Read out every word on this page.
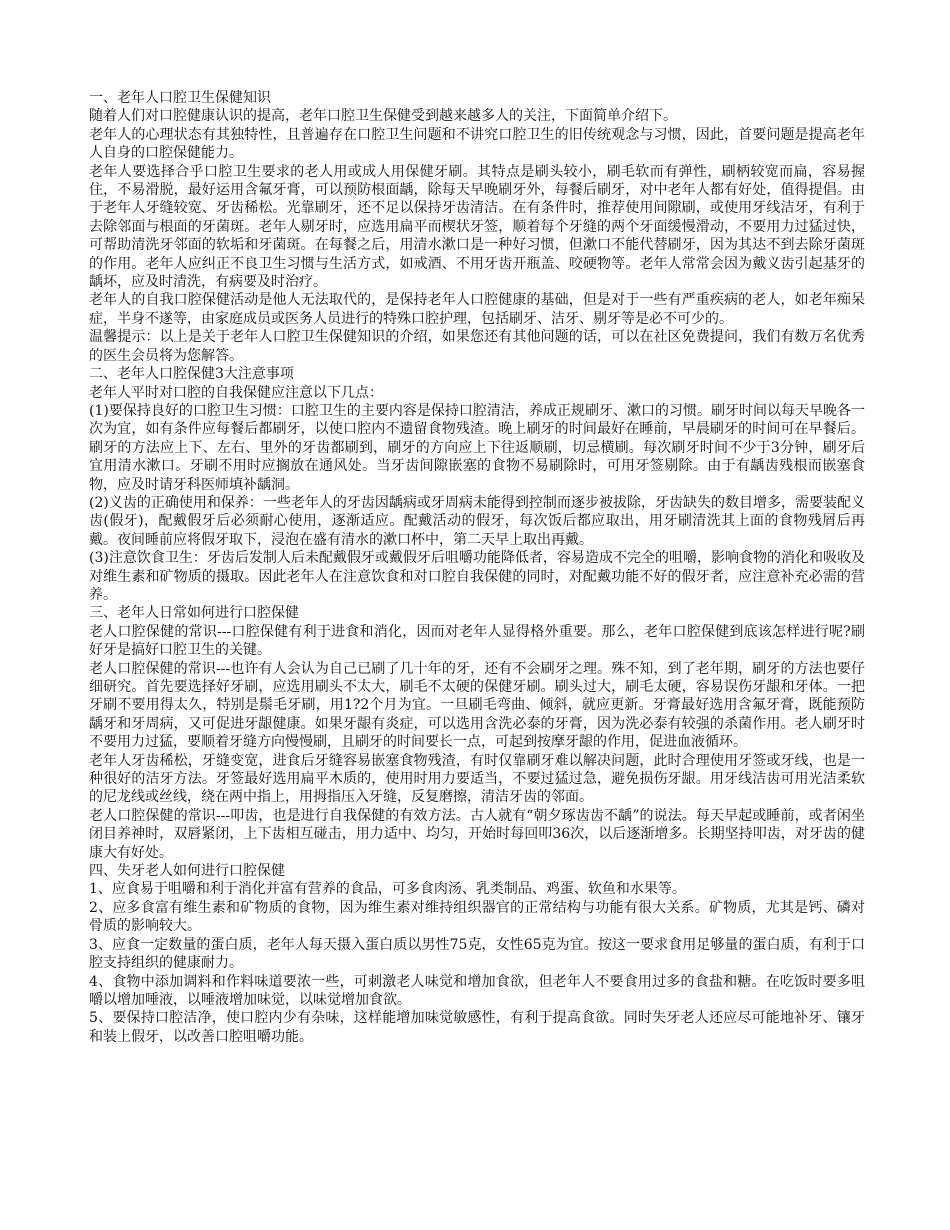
一、老年人口腔卫生保健知识

随着人们对口腔健康认识的提高，老年口腔卫生保健受到越来越多人的关注，下面简单介绍下。

老年人的心理状态有其独特性，且普遍存在口腔卫生问题和不讲究口腔卫生的旧传统观念与习惯，因此，首要问题是提高老年人自身的口腔保健能力。

老年人要选择合乎口腔卫生要求的老人用或成人用保健牙刷。其特点是刷头较小，刷毛软而有弹性，刷柄较宽而扁，容易握住，不易滑脱，最好运用含氟牙膏，可以预防根面龋，除每天早晚刷牙外，每餐后刷牙，对中老年人都有好处，值得提倡。由于老年人牙缝较宽、牙齿稀松。光靠刷牙，还不足以保持牙齿清洁。在有条件时，推荐使用间隙刷，或使用牙线洁牙，有利于去除邻面与根面的牙菌斑。老年人剔牙时，应选用扁平而楔状牙签，顺着每个牙缝的两个牙面缓慢滑动，不要用力过猛过快，可帮助清洗牙邻面的软垢和牙菌斑。在每餐之后，用清水漱口是一种好习惯，但漱口不能代替刷牙，因为其达不到去除牙菌斑的作用。老年人应纠正不良卫生习惯与生活方式，如戒酒、不用牙齿开瓶盖、咬硬物等。老年人常常会因为戴义齿引起基牙的龋坏，应及时清洗，有病要及时治疗。

老年人的自我口腔保健活动是他人无法取代的，是保持老年人口腔健康的基础，但是对于一些有严重疾病的老人，如老年痴呆症，半身不遂等，由家庭成员或医务人员进行的特殊口腔护理，包括刷牙、洁牙、剔牙等是必不可少的。

温馨提示：以上是关于老年人口腔卫生保健知识的介绍，如果您还有其他问题的话，可以在社区免费提问，我们有数万名优秀的医生会员将为您解答。

二、老年人口腔保健3大注意事项

老年人平时对口腔的自我保健应注意以下几点：

(1)要保持良好的口腔卫生习惯：口腔卫生的主要内容是保持口腔清洁，养成正规刷牙、漱口的习惯。刷牙时间以每天早晚各一次为宜，如有条件应每餐后都刷牙，以使口腔内不遗留食物残渣。晚上刷牙的时间最好在睡前，早晨刷牙的时间可在早餐后。刷牙的方法应上下、左右、里外的牙齿都刷到，刷牙的方向应上下往返顺刷，切忌横刷。每次刷牙时间不少于3分钟，刷牙后宜用清水漱口。牙刷不用时应搁放在通风处。当牙齿间隙嵌塞的食物不易刷除时，可用牙签剔除。由于有龋齿残根而嵌塞食物，应及时请牙科医师填补龋洞。

(2)义齿的正确使用和保养：一些老年人的牙齿因龋病或牙周病未能得到控制而逐步被拔除，牙齿缺失的数目增多，需要装配义齿(假牙)，配戴假牙后必须耐心使用，逐渐适应。配戴活动的假牙，每次饭后都应取出，用牙刷清洗其上面的食物残屑后再戴。夜间睡前应将假牙取下，浸泡在盛有清水的漱口杯中，第二天早上取出再戴。

(3)注意饮食卫生：牙齿后发制人后未配戴假牙或戴假牙后咀嚼功能降低者，容易造成不完全的咀嚼，影响食物的消化和吸收及对维生素和矿物质的摄取。因此老年人在注意饮食和对口腔自我保健的同时，对配戴功能不好的假牙者，应注意补充必需的营养。

三、老年人日常如何进行口腔保健

老人口腔保健的常识---口腔保健有利于进食和消化，因而对老年人显得格外重要。那么，老年口腔保健到底该怎样进行呢?刷好牙是搞好口腔卫生的关键。

老人口腔保健的常识---也许有人会认为自己已刷了几十年的牙，还有不会刷牙之理。殊不知，到了老年期，刷牙的方法也要仔细研究。首先要选择好牙刷，应选用刷头不太大，刷毛不太硬的保健牙刷。刷头过大，刷毛太硬，容易误伤牙龈和牙体。一把牙刷不要用得太久，特别是鬃毛牙刷，用1?2个月为宜。一旦刷毛弯曲、倾斜，就应更新。牙膏最好选用含氟牙膏，既能预防龋牙和牙周病，又可促进牙龈健康。如果牙龈有炎症，可以选用含洗必泰的牙膏，因为洗必泰有较强的杀菌作用。老人刷牙时不要用力过猛，要顺着牙缝方向慢慢刷，且刷牙的时间要长一点，可起到按摩牙龈的作用，促进血液循环。

老年人牙齿稀松，牙缝变宽，进食后牙缝容易嵌塞食物残渣，有时仅靠刷牙难以解决问题，此时合理使用牙签或牙线，也是一种很好的洁牙方法。牙签最好选用扁平木质的，使用时用力要适当，不要过猛过急，避免损伤牙龈。用牙线洁齿可用光洁柔软的尼龙线或丝线，绕在两中指上，用拇指压入牙缝，反复磨擦，清洁牙齿的邻面。

老人口腔保健的常识---叩齿，也是进行自我保健的有效方法。古人就有“朝夕琢齿齿不龋”的说法。每天早起或睡前，或者闲坐闭目养神时，双唇紧闭，上下齿相互碰击，用力适中、均匀，开始时每回叩36次，以后逐渐增多。长期坚持叩齿，对牙齿的健康大有好处。

四、失牙老人如何进行口腔保健

1、应食易于咀嚼和利于消化并富有营养的食品，可多食肉汤、乳类制品、鸡蛋、软鱼和水果等。

2、应多食富有维生素和矿物质的食物，因为维生素对维持组织器官的正常结构与功能有很大关系。矿物质，尤其是钙、磷对骨质的影响较大。

3、应食一定数量的蛋白质，老年人每天摄入蛋白质以男性75克，女性65克为宜。按这一要求食用足够量的蛋白质，有利于口腔支持组织的健康耐力。

4、食物中添加调料和作料味道要浓一些，可刺激老人味觉和增加食欲，但老年人不要食用过多的食盐和糖。在吃饭时要多咀嚼以增加唾液，以唾液增加味觉，以味觉增加食欲。

5、要保持口腔洁净，使口腔内少有杂味，这样能增加味觉敏感性，有利于提高食欲。同时失牙老人还应尽可能地补牙、镶牙和装上假牙，以改善口腔咀嚼功能。
